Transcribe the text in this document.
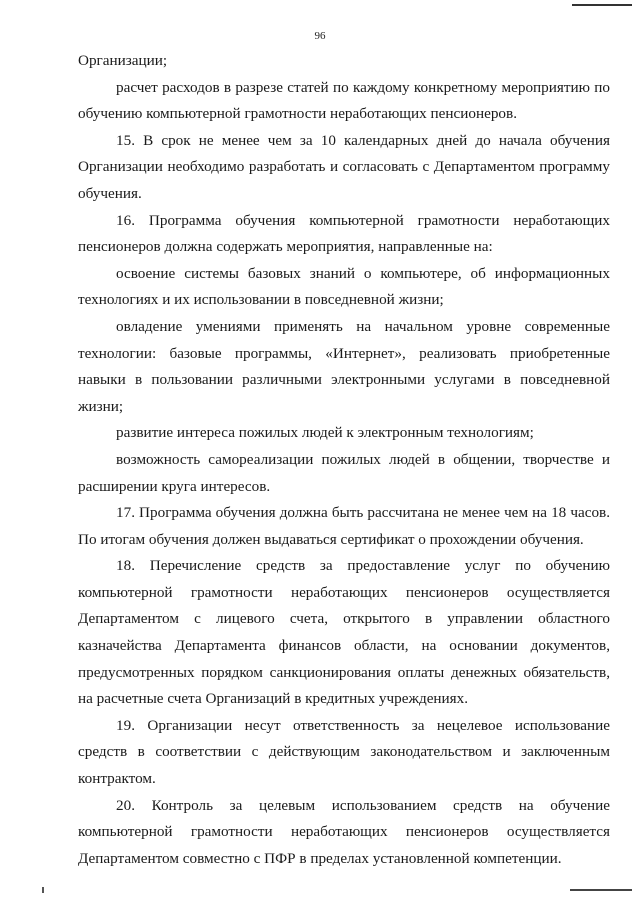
96

Организации;

расчет расходов в разрезе статей по каждому конкретному мероприятию по обучению компьютерной грамотности неработающих пенсионеров.

15. В срок не менее чем за 10 календарных дней до начала обучения Организации необходимо разработать и согласовать с Департаментом программу обучения.

16. Программа обучения компьютерной грамотности неработающих пенсионеров должна содержать мероприятия, направленные на:

освоение системы базовых знаний о компьютере, об информационных технологиях и их использовании в повседневной жизни;

овладение умениями применять на начальном уровне современные технологии: базовые программы, «Интернет», реализовать приобретенные навыки в пользовании различными электронными услугами в повседневной жизни;

развитие интереса пожилых людей к электронным технологиям;

возможность самореализации пожилых людей в общении, творчестве и расширении круга интересов.

17. Программа обучения должна быть рассчитана не менее чем на 18 часов. По итогам обучения должен выдаваться сертификат о прохождении обучения.

18. Перечисление средств за предоставление услуг по обучению компьютерной грамотности неработающих пенсионеров осуществляется Департаментом с лицевого счета, открытого в управлении областного казначейства Департамента финансов области, на основании документов, предусмотренных порядком санкционирования оплаты денежных обязательств, на расчетные счета Организаций в кредитных учреждениях.

19. Организации несут ответственность за нецелевое использование средств в соответствии с действующим законодательством и заключенным контрактом.

20. Контроль за целевым использованием средств на обучение компьютерной грамотности неработающих пенсионеров осуществляется Департаментом совместно с ПФР в пределах установленной компетенции.
